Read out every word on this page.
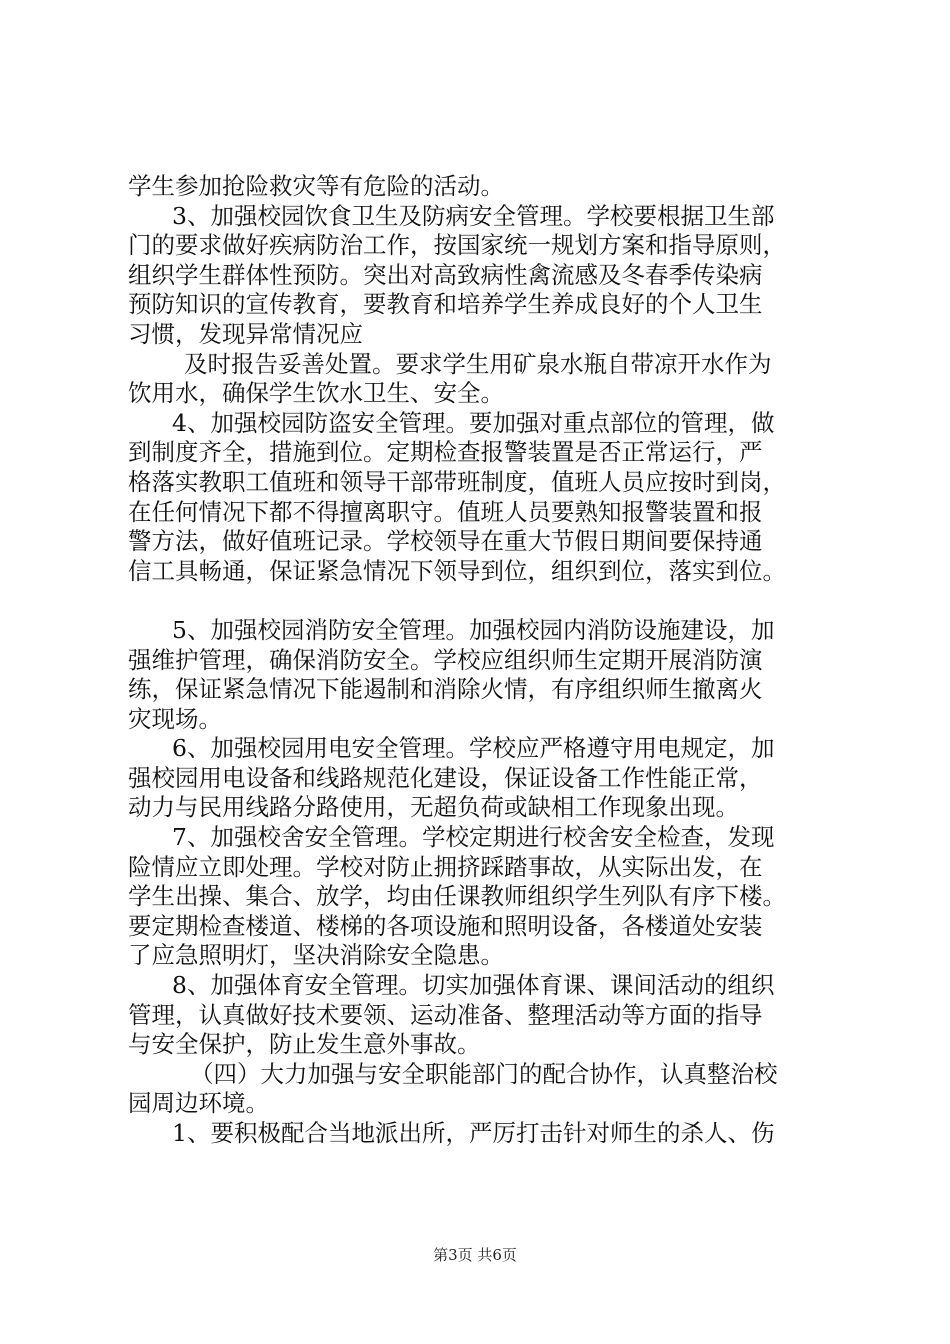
学生参加抢险救灾等有危险的活动。
3、加强校园饮食卫生及防病安全管理。学校要根据卫生部
门的要求做好疾病防治工作，按国家统一规划方案和指导原则，
组织学生群体性预防。突出对高致病性禽流感及冬春季传染病
预防知识的宣传教育，要教育和培养学生养成良好的个人卫生
习惯，发现异常情况应
及时报告妥善处置。要求学生用矿泉水瓶自带凉开水作为
饮用水，确保学生饮水卫生、安全。
4、加强校园防盗安全管理。要加强对重点部位的管理，做
到制度齐全，措施到位。定期检查报警装置是否正常运行，严
格落实教职工值班和领导干部带班制度，值班人员应按时到岗，
在任何情况下都不得擅离职守。值班人员要熟知报警装置和报
警方法，做好值班记录。学校领导在重大节假日期间要保持通
信工具畅通，保证紧急情况下领导到位，组织到位，落实到位。
5、加强校园消防安全管理。加强校园内消防设施建设，加
强维护管理，确保消防安全。学校应组织师生定期开展消防演
练，保证紧急情况下能遏制和消除火情，有序组织师生撤离火
灾现场。
6、加强校园用电安全管理。学校应严格遵守用电规定，加
强校园用电设备和线路规范化建设，保证设备工作性能正常，
动力与民用线路分路使用，无超负荷或缺相工作现象出现。
7、加强校舍安全管理。学校定期进行校舍安全检查，发现
险情应立即处理。学校对防止拥挤踩踏事故，从实际出发，在
学生出操、集合、放学，均由任课教师组织学生列队有序下楼。
要定期检查楼道、楼梯的各项设施和照明设备，各楼道处安装
了应急照明灯，坚决消除安全隐患。
8、加强体育安全管理。切实加强体育课、课间活动的组织
管理，认真做好技术要领、运动准备、整理活动等方面的指导
与安全保护，防止发生意外事故。
（四）大力加强与安全职能部门的配合协作，认真整治校
园周边环境。
1、要积极配合当地派出所，严厉打击针对师生的杀人、伤
第3页 共6页
